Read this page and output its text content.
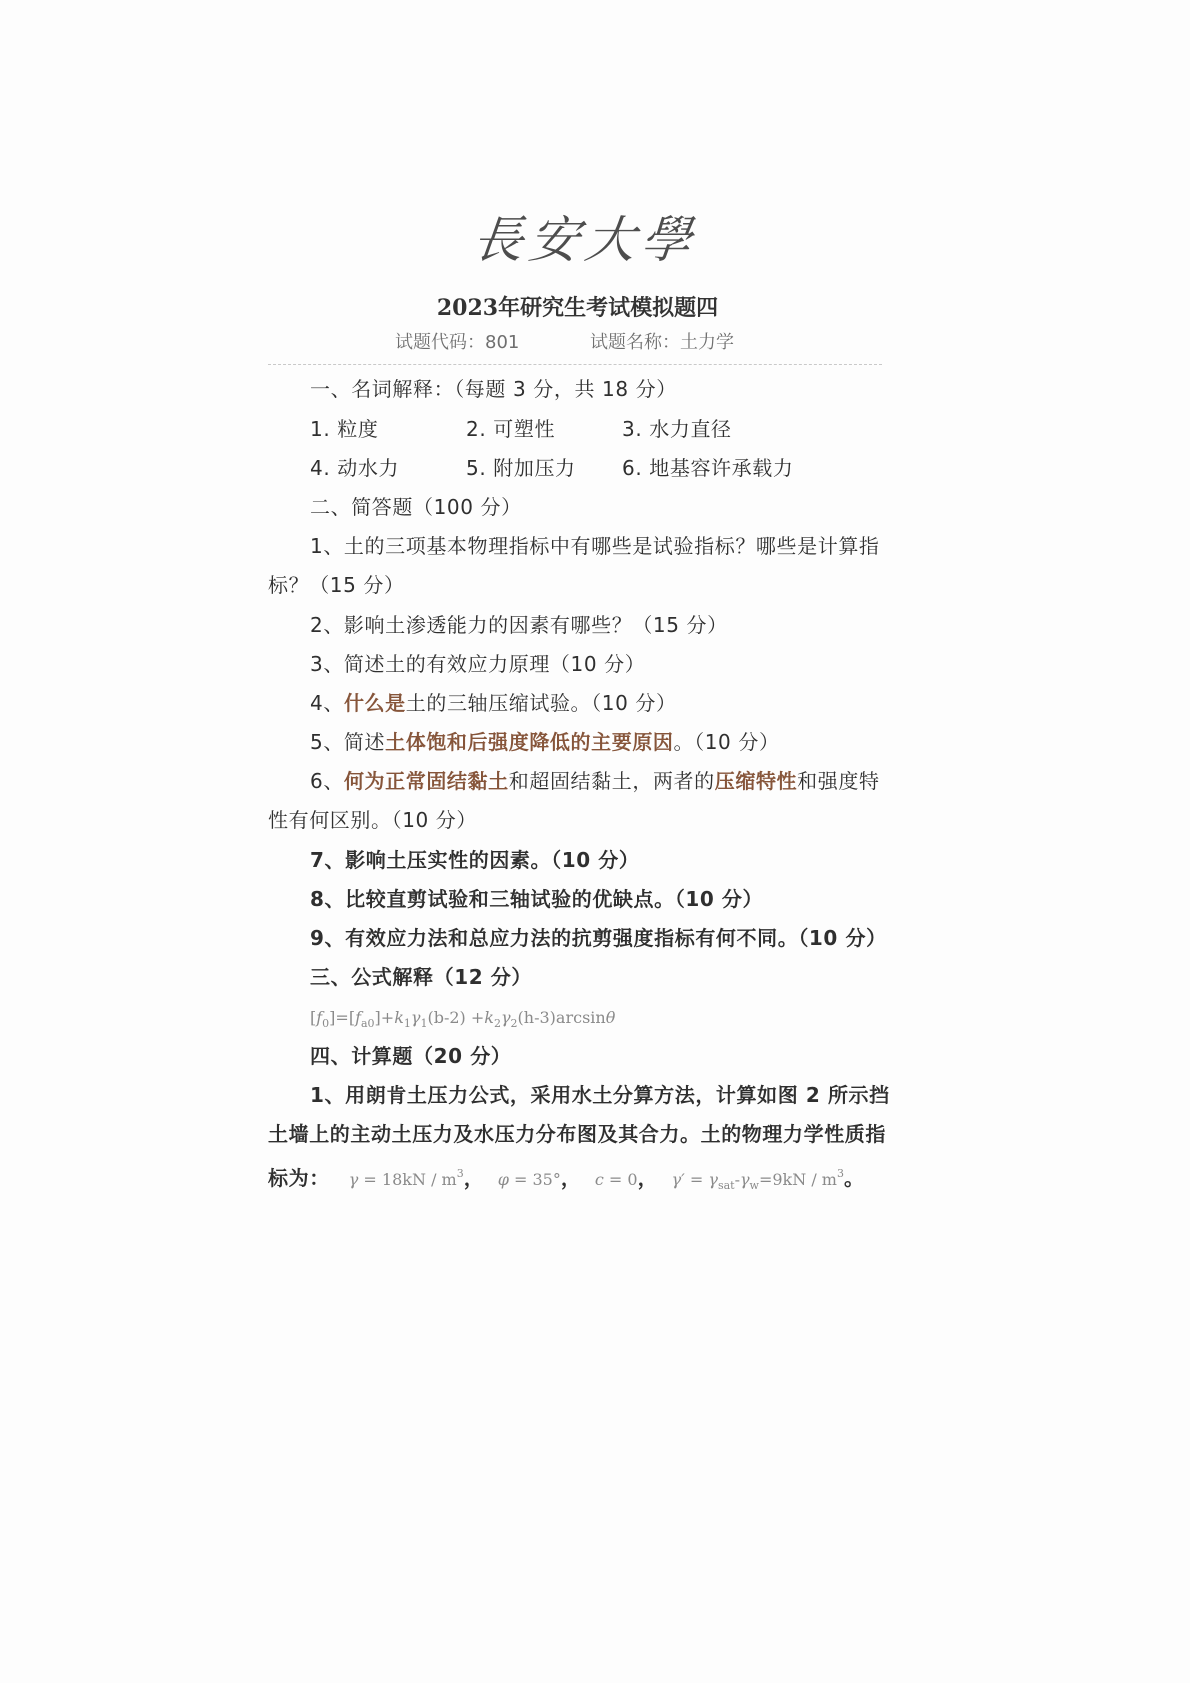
長安大學
2023年研究生考试模拟题四
试题代码：801	试题名称：土力学
一、名词解释：（每题 3 分，共 18 分）
1. 粒度	2. 可塑性	3. 水力直径
4. 动水力	5. 附加压力 6. 地基容许承载力
二、简答题（100 分）
1、土的三项基本物理指标中有哪些是试验指标？哪些是计算指
标？（15 分）
2、影响土渗透能力的因素有哪些？（15 分）
3、简述土的有效应力原理（10 分）
4、什么是土的三轴压缩试验。（10 分）
5、简述土体饱和后强度降低的主要原因。（10 分）
6、何为正常固结黏土和超固结黏土，两者的压缩特性和强度特
性有何区别。（10 分）
7、影响土压实性的因素。（10 分）
8、比较直剪试验和三轴试验的优缺点。（10 分）
9、有效应力法和总应力法的抗剪强度指标有何不同。（10 分）
三、公式解释（12 分）
$[f_0]=[f_{a0}]+k_1\gamma_1(b-2) +k_2\gamma_2(h-3)\arcsin\theta$
四、计算题（20 分）
1、用朗肯土压力公式，采用水土分算方法，计算如图 2 所示挡
土墙上的主动土压力及水压力分布图及其合力。土的物理力学性质指
标为： $\gamma = 18kN / m^3$， φ = 35°， c = 0， $\gamma' = \gamma_{sat}-\gamma_w=9kN / m^3$。
